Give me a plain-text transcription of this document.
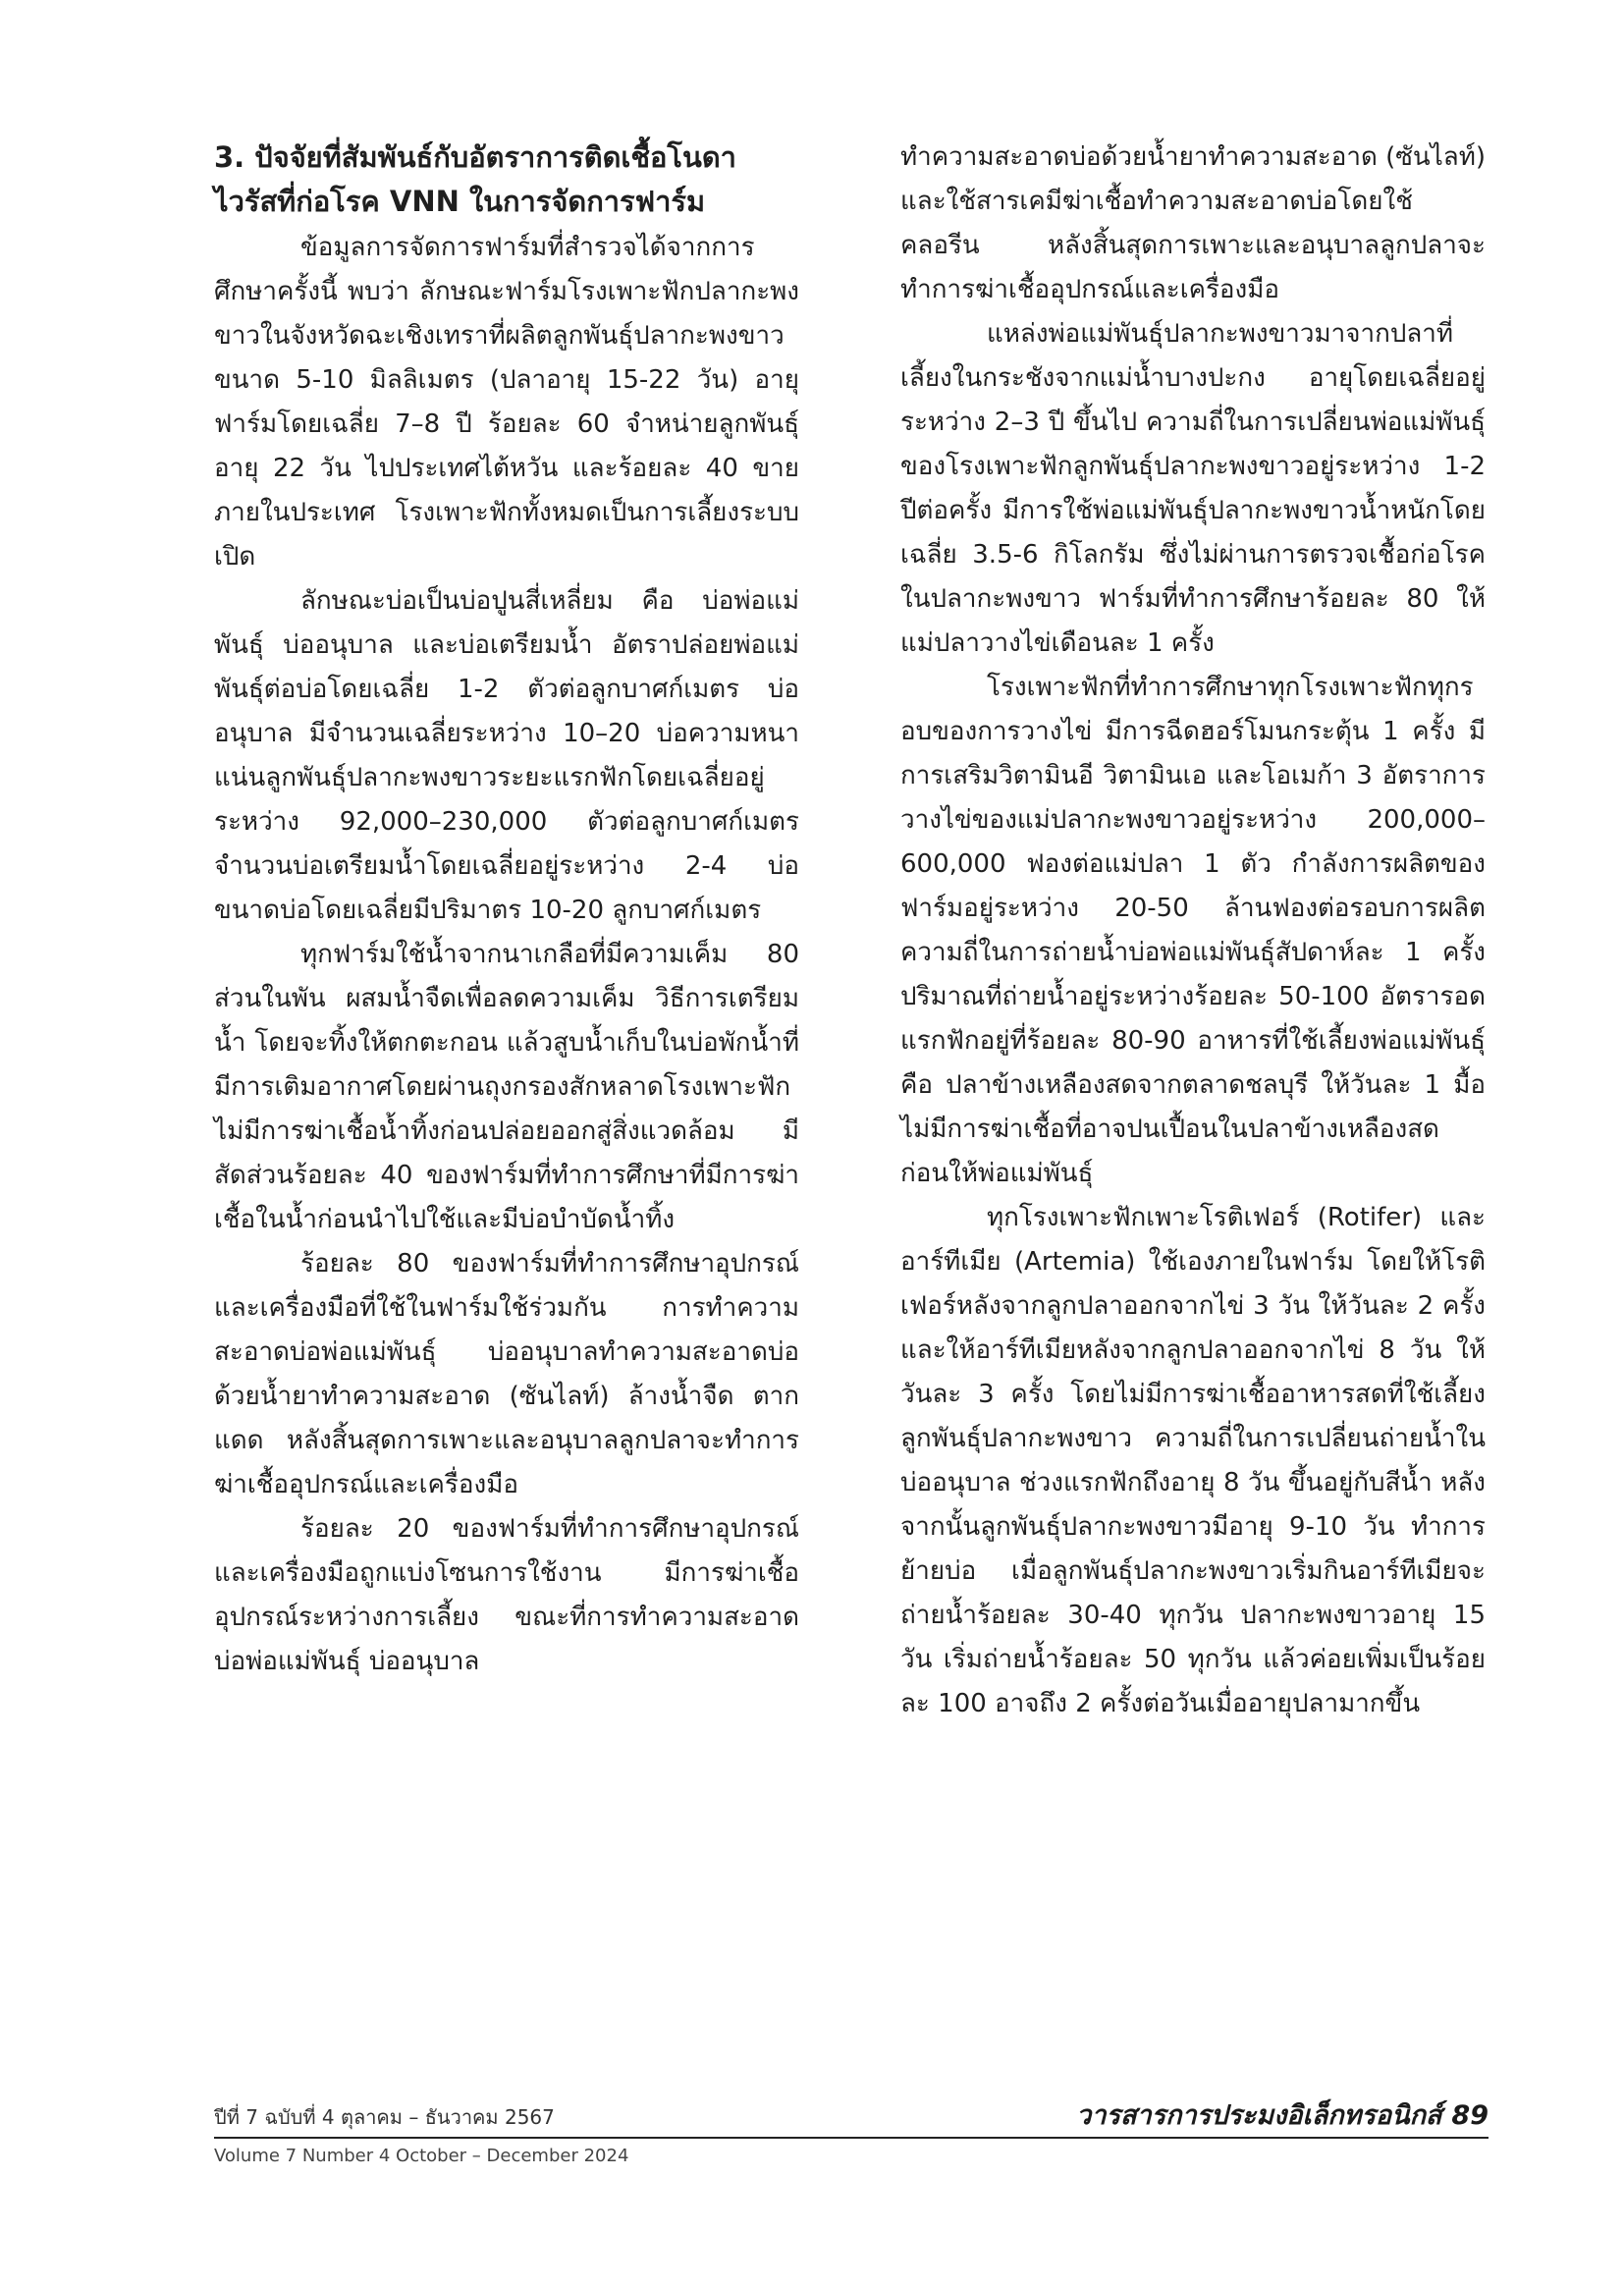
3. ปัจจัยที่สัมพันธ์กับอัตราการติดเชื้อโนดาไวรัสที่ก่อโรค VNN ในการจัดการฟาร์ม

ข้อมูลการจัดการฟาร์มที่สำรวจได้จากการศึกษาครั้งนี้ พบว่า ลักษณะฟาร์มโรงเพาะฟักปลากะพงขาวในจังหวัดฉะเชิงเทราที่ผลิตลูกพันธุ์ปลากะพงขาวขนาด 5-10 มิลลิเมตร (ปลาอายุ 15-22 วัน) อายุฟาร์มโดยเฉลี่ย 7–8 ปี ร้อยละ 60 จำหน่ายลูกพันธุ์อายุ 22 วัน ไปประเทศไต้หวัน และร้อยละ 40 ขายภายในประเทศ โรงเพาะฟักทั้งหมดเป็นการเลี้ยงระบบเปิด

ลักษณะบ่อเป็นบ่อปูนสี่เหลี่ยม คือ บ่อพ่อแม่พันธุ์ บ่ออนุบาล และบ่อเตรียมน้ำ อัตราปล่อยพ่อแม่พันธุ์ต่อบ่อโดยเฉลี่ย 1-2 ตัวต่อลูกบาศก์เมตร บ่ออนุบาล มีจำนวนเฉลี่ยระหว่าง 10–20 บ่อความหนาแน่นลูกพันธุ์ปลากะพงขาวระยะแรกฟักโดยเฉลี่ยอยู่ระหว่าง 92,000–230,000 ตัวต่อลูกบาศก์เมตร จำนวนบ่อเตรียมน้ำโดยเฉลี่ยอยู่ระหว่าง 2-4 บ่อ ขนาดบ่อโดยเฉลี่ยมีปริมาตร 10-20 ลูกบาศก์เมตร

ทุกฟาร์มใช้น้ำจากนาเกลือที่มีความเค็ม 80 ส่วนในพัน ผสมน้ำจืดเพื่อลดความเค็ม วิธีการเตรียมน้ำ โดยจะทิ้งให้ตกตะกอน แล้วสูบน้ำเก็บในบ่อพักน้ำที่มีการเติมอากาศโดยผ่านถุงกรองสักหลาดโรงเพาะฟักไม่มีการฆ่าเชื้อน้ำทิ้งก่อนปล่อยออกสู่สิ่งแวดล้อม มีสัดส่วนร้อยละ 40 ของฟาร์มที่ทำการศึกษาที่มีการฆ่าเชื้อในน้ำก่อนนำไปใช้และมีบ่อบำบัดน้ำทิ้ง

ร้อยละ 80 ของฟาร์มที่ทำการศึกษาอุปกรณ์และเครื่องมือที่ใช้ในฟาร์มใช้ร่วมกัน การทำความสะอาดบ่อพ่อแม่พันธุ์ บ่ออนุบาลทำความสะอาดบ่อด้วยน้ำยาทำความสะอาด (ซันไลท์) ล้างน้ำจืด ตากแดด หลังสิ้นสุดการเพาะและอนุบาลลูกปลาจะทำการฆ่าเชื้ออุปกรณ์และเครื่องมือ

ร้อยละ 20 ของฟาร์มที่ทำการศึกษาอุปกรณ์และเครื่องมือถูกแบ่งโซนการใช้งาน มีการฆ่าเชื้ออุปกรณ์ระหว่างการเลี้ยง ขณะที่การทำความสะอาดบ่อพ่อแม่พันธุ์ บ่ออนุบาล

ทำความสะอาดบ่อด้วยน้ำยาทำความสะอาด (ซันไลท์) และใช้สารเคมีฆ่าเชื้อทำความสะอาดบ่อโดยใช้คลอรีน หลังสิ้นสุดการเพาะและอนุบาลลูกปลาจะทำการฆ่าเชื้ออุปกรณ์และเครื่องมือ

แหล่งพ่อแม่พันธุ์ปลากะพงขาวมาจากปลาที่เลี้ยงในกระชังจากแม่น้ำบางปะกง อายุโดยเฉลี่ยอยู่ระหว่าง 2–3 ปี ขึ้นไป ความถี่ในการเปลี่ยนพ่อแม่พันธุ์ของโรงเพาะฟักลูกพันธุ์ปลากะพงขาวอยู่ระหว่าง 1-2 ปีต่อครั้ง มีการใช้พ่อแม่พันธุ์ปลากะพงขาวน้ำหนักโดยเฉลี่ย 3.5-6 กิโลกรัม ซึ่งไม่ผ่านการตรวจเชื้อก่อโรคในปลากะพงขาว ฟาร์มที่ทำการศึกษาร้อยละ 80 ให้แม่ปลาวางไข่เดือนละ 1 ครั้ง

โรงเพาะฟักที่ทำการศึกษาทุกโรงเพาะฟักทุกรอบของการวางไข่ มีการฉีดฮอร์โมนกระตุ้น 1 ครั้ง มีการเสริมวิตามินอี วิตามินเอ และโอเมก้า 3 อัตราการวางไข่ของแม่ปลากะพงขาวอยู่ระหว่าง 200,000–600,000 ฟองต่อแม่ปลา 1 ตัว กำลังการผลิตของฟาร์มอยู่ระหว่าง 20-50 ล้านฟองต่อรอบการผลิต ความถี่ในการถ่ายน้ำบ่อพ่อแม่พันธุ์สัปดาห์ละ 1 ครั้ง ปริมาณที่ถ่ายน้ำอยู่ระหว่างร้อยละ 50-100 อัตรารอดแรกฟักอยู่ที่ร้อยละ 80-90 อาหารที่ใช้เลี้ยงพ่อแม่พันธุ์ คือ ปลาข้างเหลืองสดจากตลาดชลบุรี ให้วันละ 1 มื้อ ไม่มีการฆ่าเชื้อที่อาจปนเปื้อนในปลาข้างเหลืองสดก่อนให้พ่อแม่พันธุ์

ทุกโรงเพาะฟักเพาะโรติเฟอร์ (Rotifer) และอาร์ทีเมีย (Artemia) ใช้เองภายในฟาร์ม โดยให้โรติเฟอร์หลังจากลูกปลาออกจากไข่ 3 วัน ให้วันละ 2 ครั้ง และให้อาร์ทีเมียหลังจากลูกปลาออกจากไข่ 8 วัน ให้วันละ 3 ครั้ง โดยไม่มีการฆ่าเชื้ออาหารสดที่ใช้เลี้ยงลูกพันธุ์ปลากะพงขาว ความถี่ในการเปลี่ยนถ่ายน้ำในบ่ออนุบาล ช่วงแรกฟักถึงอายุ 8 วัน ขึ้นอยู่กับสีน้ำ หลังจากนั้นลูกพันธุ์ปลากะพงขาวมีอายุ 9-10 วัน ทำการย้ายบ่อ เมื่อลูกพันธุ์ปลากะพงขาวเริ่มกินอาร์ทีเมียจะถ่ายน้ำร้อยละ 30-40 ทุกวัน ปลากะพงขาวอายุ 15 วัน เริ่มถ่ายน้ำร้อยละ 50 ทุกวัน แล้วค่อยเพิ่มเป็นร้อยละ 100 อาจถึง 2 ครั้งต่อวันเมื่ออายุปลามากขึ้น

ปีที่ 7 ฉบับที่ 4 ตุลาคม – ธันวาคม 2567
Volume 7 Number 4 October – December 2024
วารสารการประมงอิเล็กทรอนิกส์ 89
